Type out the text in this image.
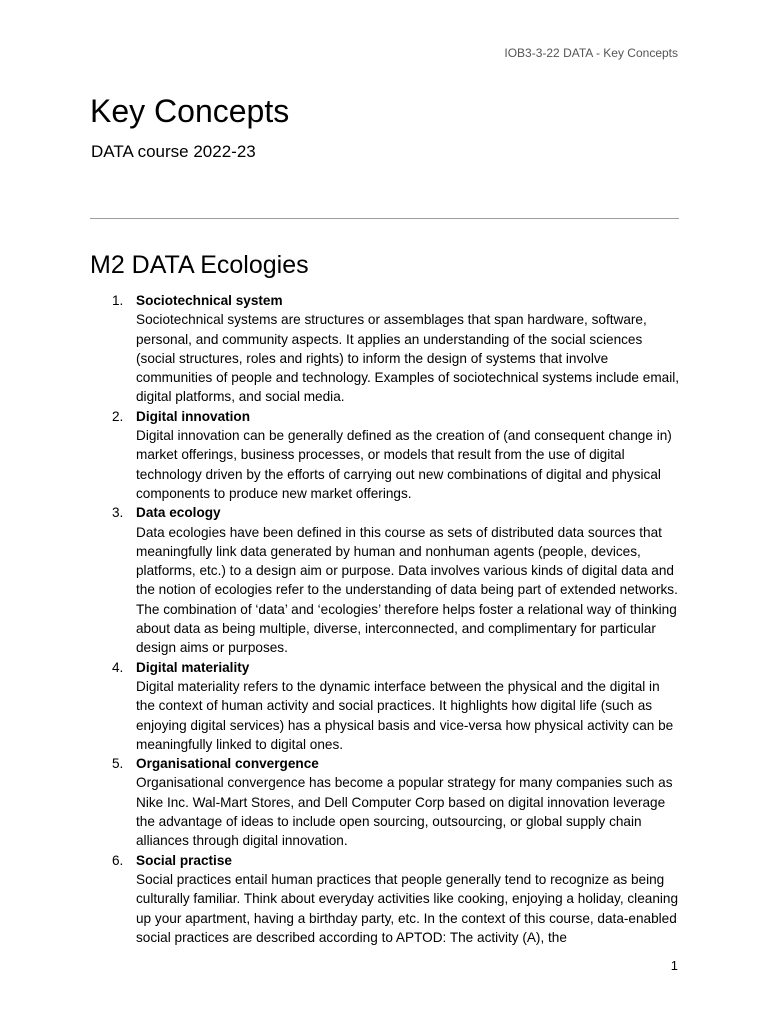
IOB3-3-22 DATA - Key Concepts
Key Concepts
DATA course 2022-23
M2 DATA Ecologies
1. Sociotechnical system
Sociotechnical systems are structures or assemblages that span hardware, software, personal, and community aspects. It applies an understanding of the social sciences (social structures, roles and rights) to inform the design of systems that involve communities of people and technology. Examples of sociotechnical systems include email, digital platforms, and social media.
2. Digital innovation
Digital innovation can be generally defined as the creation of (and consequent change in) market offerings, business processes, or models that result from the use of digital technology driven by the efforts of carrying out new combinations of digital and physical components to produce new market offerings.
3. Data ecology
Data ecologies have been defined in this course as sets of distributed data sources that meaningfully link data generated by human and nonhuman agents (people, devices, platforms, etc.) to a design aim or purpose. Data involves various kinds of digital data and the notion of ecologies refer to the understanding of data being part of extended networks. The combination of ‘data’ and ‘ecologies’ therefore helps foster a relational way of thinking about data as being multiple, diverse, interconnected, and complimentary for particular design aims or purposes.
4. Digital materiality
Digital materiality refers to the dynamic interface between the physical and the digital in the context of human activity and social practices. It highlights how digital life (such as enjoying digital services) has a physical basis and vice-versa how physical activity can be meaningfully linked to digital ones.
5. Organisational convergence
Organisational convergence has become a popular strategy for many companies such as Nike Inc. Wal-Mart Stores, and Dell Computer Corp based on digital innovation leverage the advantage of ideas to include open sourcing, outsourcing, or global supply chain alliances through digital innovation.
6. Social practise
Social practices entail human practices that people generally tend to recognize as being culturally familiar. Think about everyday activities like cooking, enjoying a holiday, cleaning up your apartment, having a birthday party, etc. In the context of this course, data-enabled social practices are described according to APTOD: The activity (A), the
1
